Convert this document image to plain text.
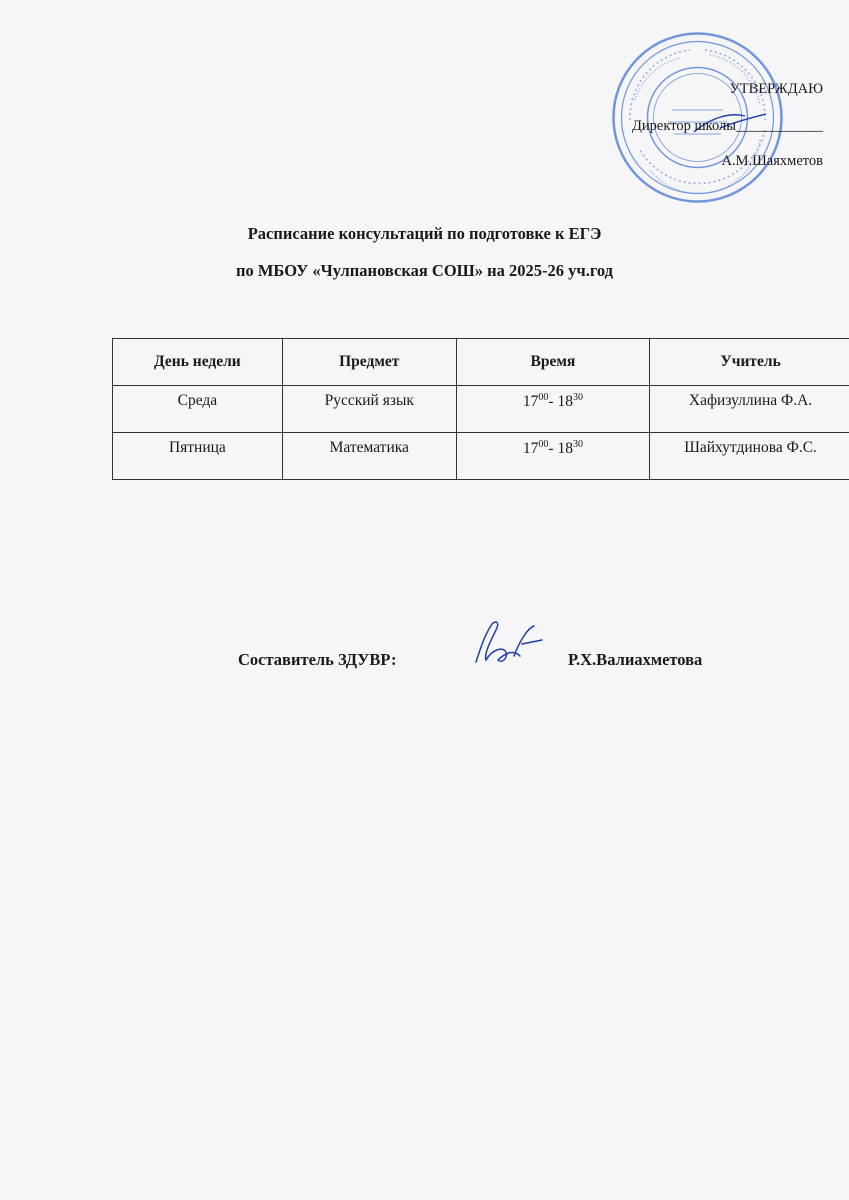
УТВЕРЖДАЮ
Директор школы____________
А.М.Шаяхметов
Расписание консультаций по подготовке к ЕГЭ
по МБОУ «Чулпановская СОШ» на 2025-26 уч.год
День недели	Предмет	Время	Учитель
Среда	Русский язык	$17^{00}-$ $18^{30}$	Хафизуллина Ф.А.
Пятница	Математика	$17^{00}-$ $18^{30}$	Шайхутдинова Ф.С.
Составитель ЗДУВР:	Р.Х.Валиахметова
